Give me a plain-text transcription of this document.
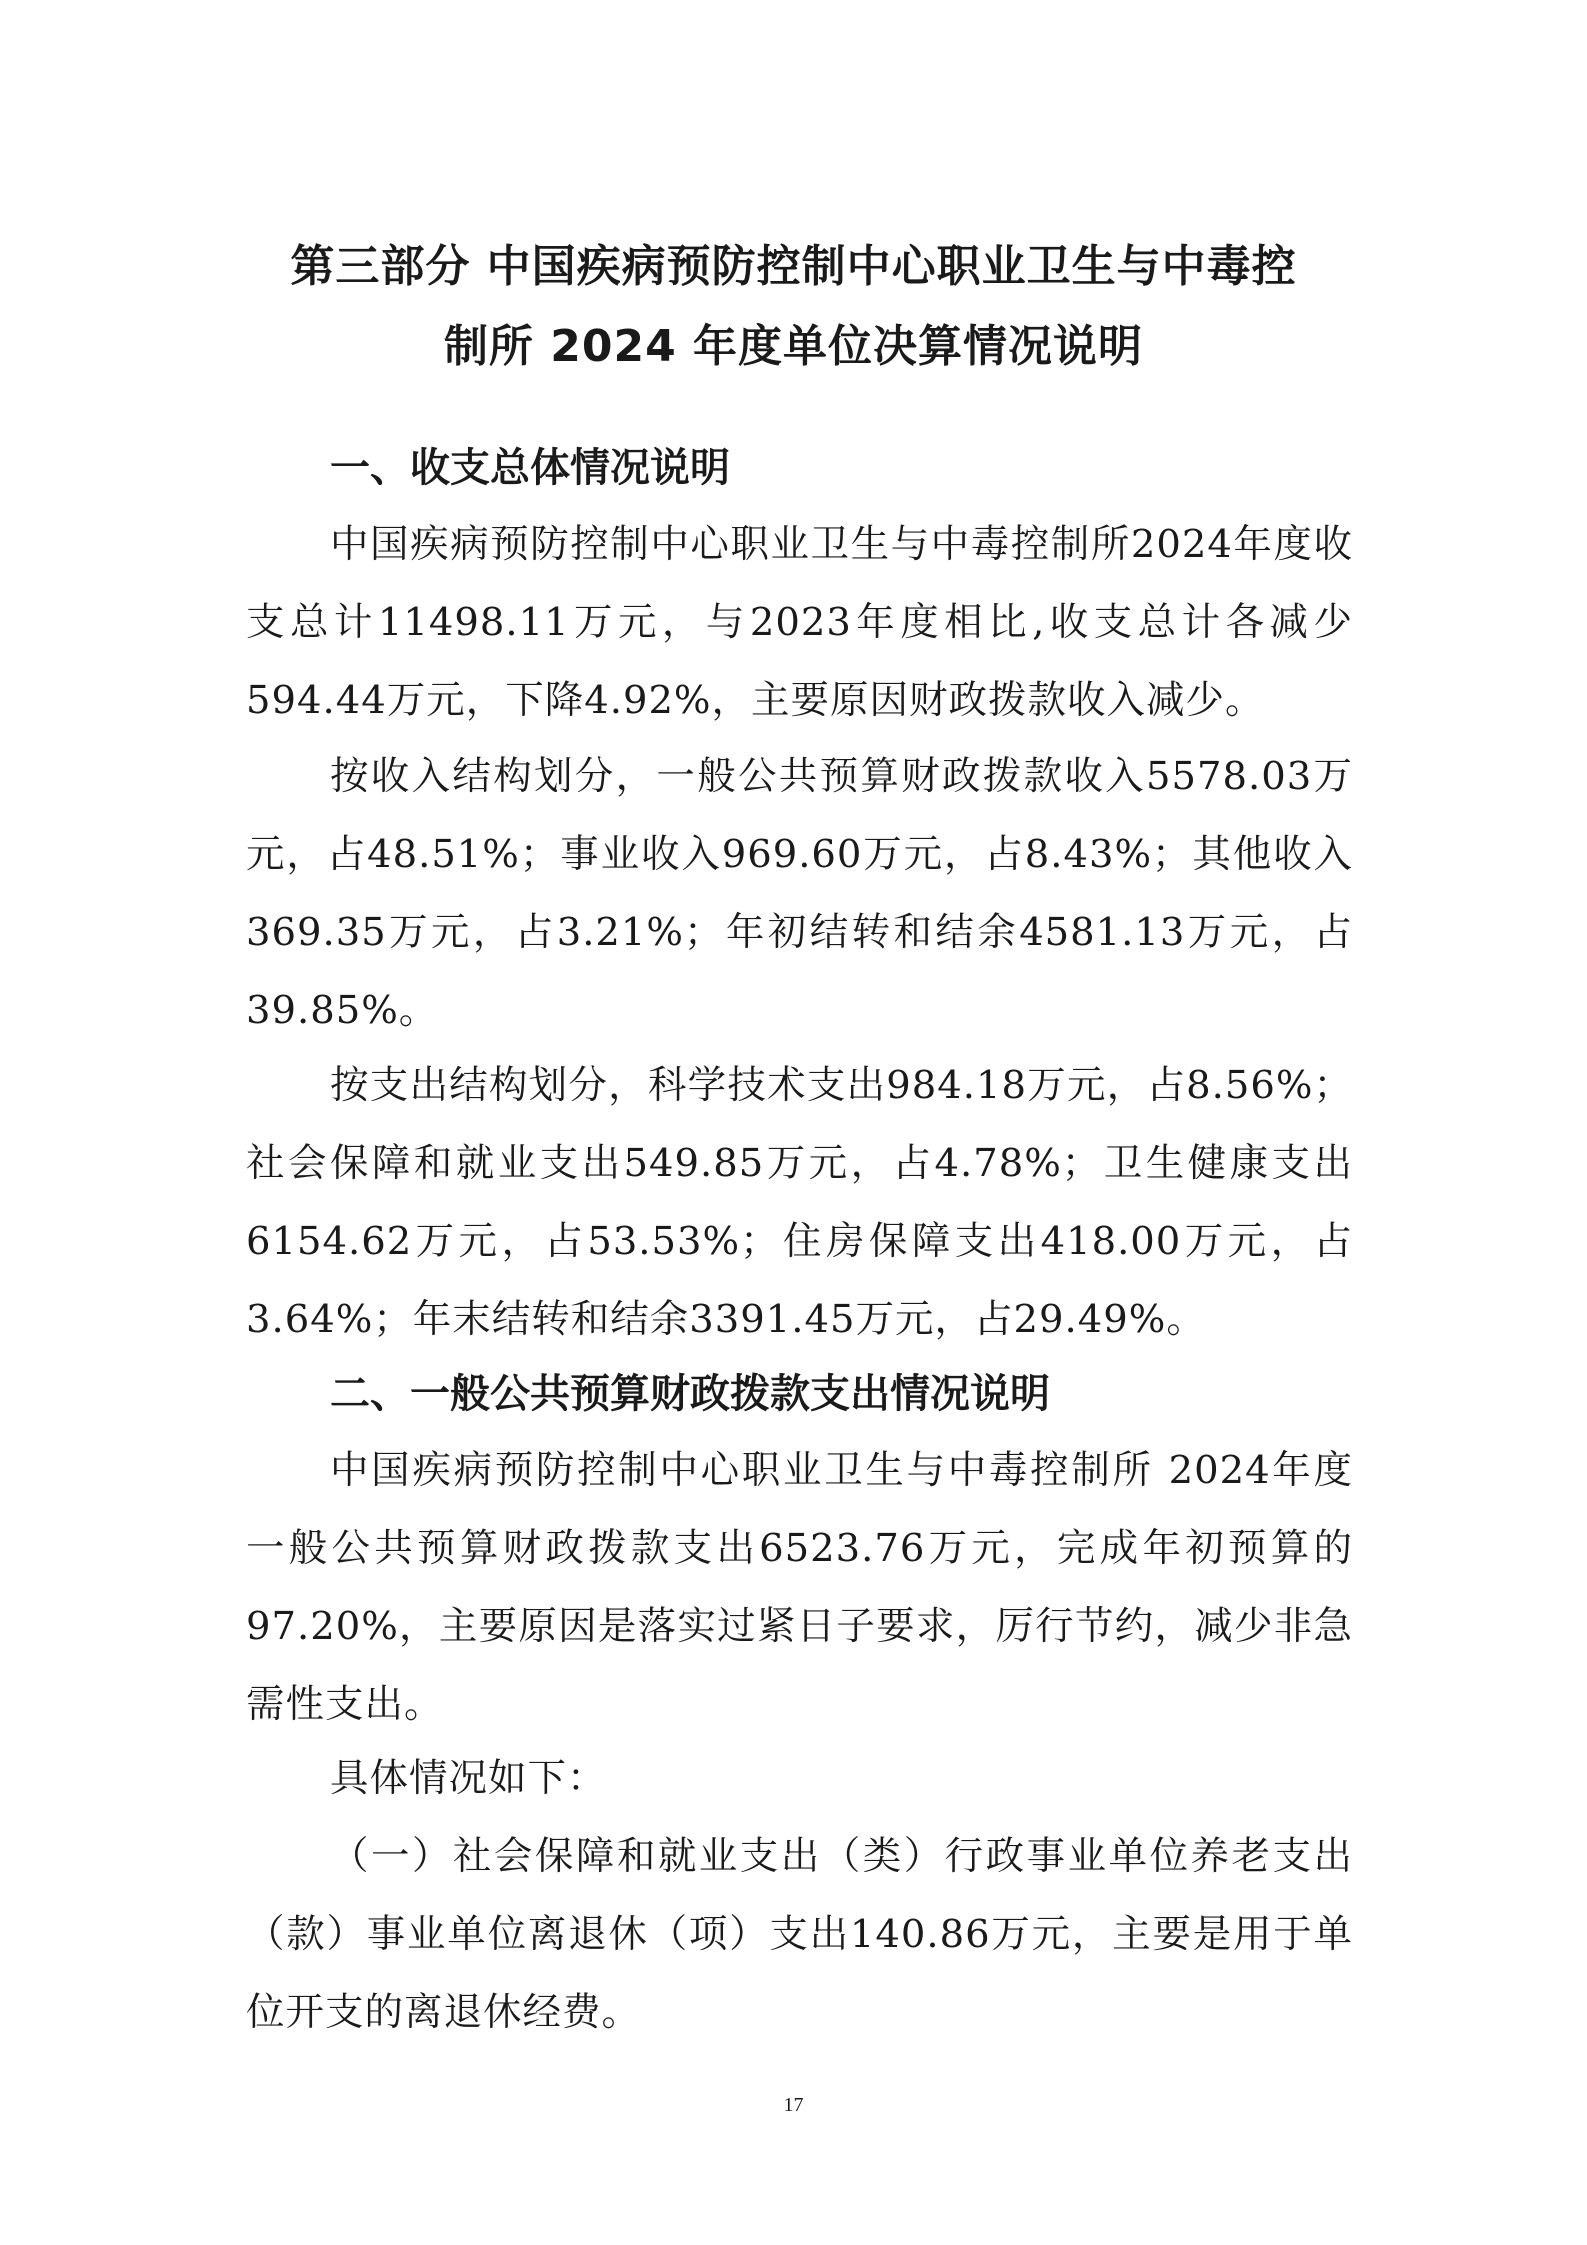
第三部分 中国疾病预防控制中心职业卫生与中毒控
制所 2024 年度单位决算情况说明
一、收支总体情况说明
中国疾病预防控制中心职业卫生与中毒控制所2024年度收支总计11498.11万元，与2023年度相比,收支总计各减少594.44万元，下降4.92%，主要原因财政拨款收入减少。
按收入结构划分，一般公共预算财政拨款收入5578.03万元，占48.51%；事业收入969.60万元，占8.43%；其他收入369.35万元，占3.21%；年初结转和结余4581.13万元，占39.85%。
按支出结构划分，科学技术支出984.18万元，占8.56%；社会保障和就业支出549.85万元，占4.78%；卫生健康支出6154.62万元，占53.53%；住房保障支出418.00万元，占3.64%；年末结转和结余3391.45万元，占29.49%。
二、一般公共预算财政拨款支出情况说明
中国疾病预防控制中心职业卫生与中毒控制所 2024年度一般公共预算财政拨款支出6523.76万元，完成年初预算的97.20%，主要原因是落实过紧日子要求，厉行节约，减少非急需性支出。
具体情况如下：
（一）社会保障和就业支出（类）行政事业单位养老支出（款）事业单位离退休（项）支出140.86万元，主要是用于单位开支的离退休经费。
17
